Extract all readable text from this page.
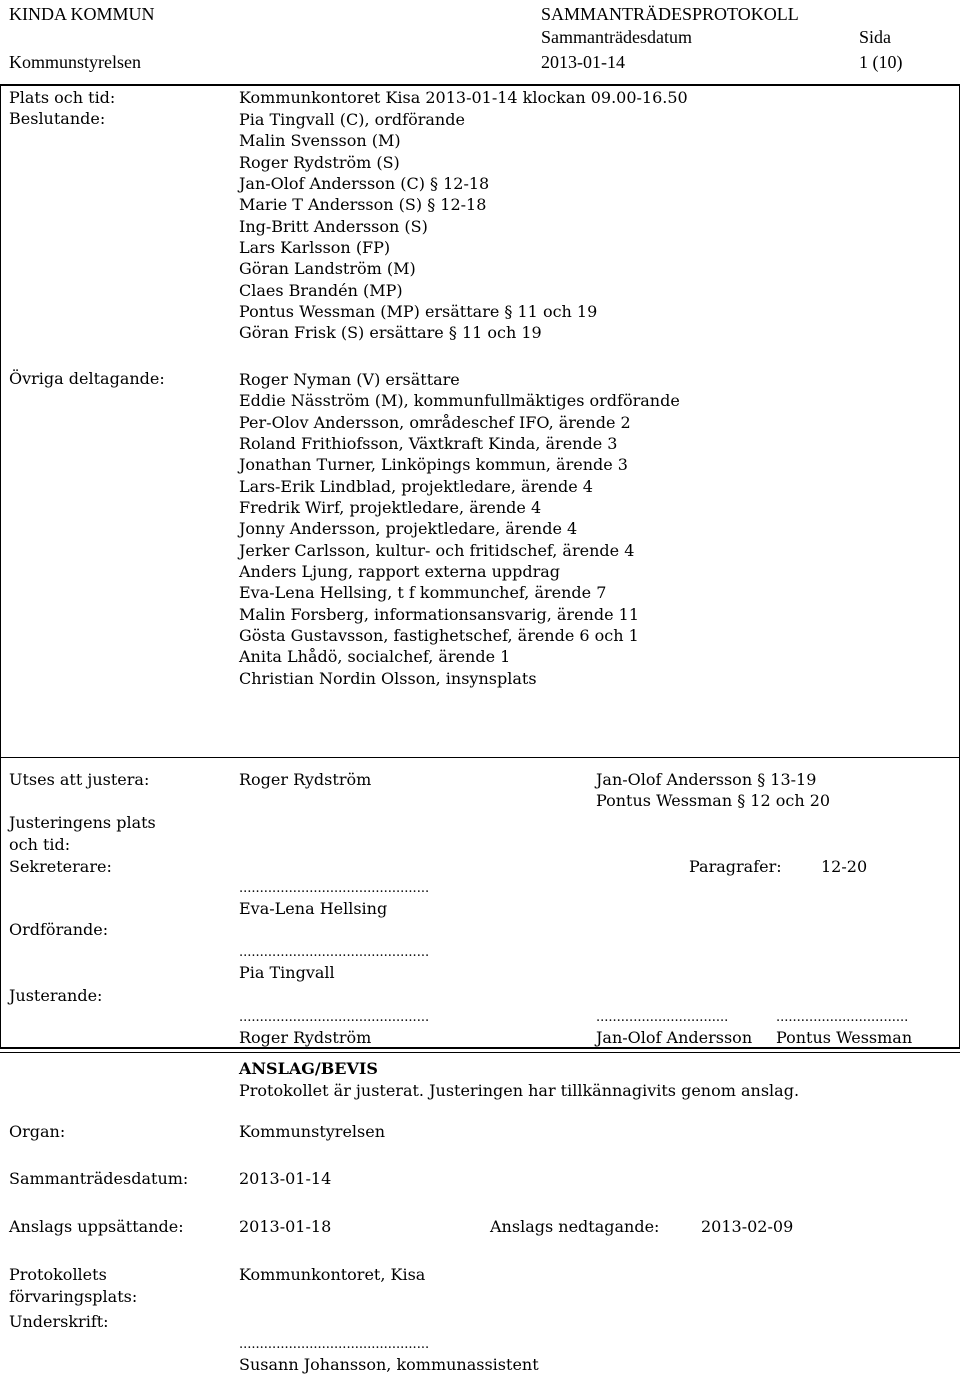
KINDA KOMMUN	SAMMANTRÄDESPROTOKOLL
Sammanträdesdatum	Sida
Kommunstyrelsen	2013-01-14	1 (10)
Plats och tid:	Kommunkontoret Kisa 2013-01-14 klockan 09.00-16.50
Beslutande:	Pia Tingvall (C), ordförande
Malin Svensson (M)
Roger Rydström (S)
Jan-Olof Andersson (C) § 12-18
Marie T Andersson (S) § 12-18
Ing-Britt Andersson (S)
Lars Karlsson (FP)
Göran Landström (M)
Claes Brandén (MP)
Pontus Wessman (MP) ersättare § 11 och 19
Göran Frisk (S) ersättare § 11 och 19
Övriga deltagande:	Roger Nyman (V) ersättare
Eddie Näsström (M), kommunfullmäktiges ordförande
Per-Olov Andersson, områdeschef IFO, ärende 2
Roland Frithiofsson, Växtkraft Kinda, ärende 3
Jonathan Turner, Linköpings kommun, ärende 3
Lars-Erik Lindblad, projektledare, ärende 4
Fredrik Wirf, projektledare, ärende 4
Jonny Andersson, projektledare, ärende 4
Jerker Carlsson, kultur- och fritidschef, ärende 4
Anders Ljung, rapport externa uppdrag
Eva-Lena Hellsing, t f kommunchef, ärende 7
Malin Forsberg, informationsansvarig, ärende 11
Gösta Gustavsson, fastighetschef, ärende 6 och 1
Anita Lhådö, socialchef, ärende 1
Christian Nordin Olsson, insynsplats
Utses att justera:	Roger Rydström	Jan-Olof Andersson § 13-19
Pontus Wessman § 12 och 20
Justeringens plats
och tid:
Sekreterare:	Paragrafer: 12-20
..............................................
Eva-Lena Hellsing
Ordförande:
..............................................
Pia Tingvall
Justerande:
..............................................	................................	................................
Roger Rydström	Jan-Olof Andersson Pontus Wessman
ANSLAG/BEVIS
Protokollet är justerat. Justeringen har tillkännagivits genom anslag.
Organ:	Kommunstyrelsen
Sammanträdesdatum:	2013-01-14
Anslags uppsättande:	2013-01-18	Anslags nedtagande:	2013-02-09
Protokollets
förvaringsplats:
Kommunkontoret, Kisa
Underskrift:
..............................................
Susann Johansson, kommunassistent
